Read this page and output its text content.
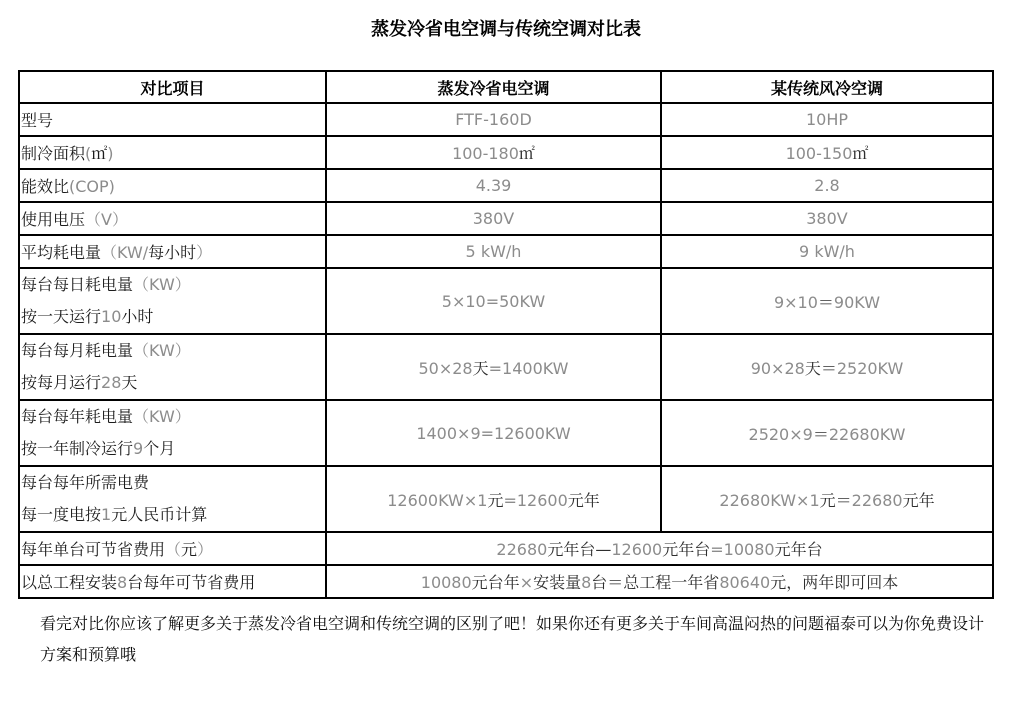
蒸发冷省电空调与传统空调对比表
对比项目	蒸发冷省电空调	某传统风冷空调
型号	FTF-160D	10HP
制冷面积(㎡)	100-180㎡	100-150㎡
能效比(COP)	4.39	2.8
使用电压（V）	380V	380V
平均耗电量（KW/每小时）	5 kW/h	9 kW/h

每台每日耗电量（KW）
按一天运行10小时	5×10=50KW	9×10＝90KW

每台每月耗电量（KW）
按每月运行28天	50×28天=1400KW	90×28天＝2520KW

每台每年耗电量（KW）
按一年制冷运行9个月	1400×9=12600KW	2520×9＝22680KW

每台每年所需电费
每一度电按1元人民币计算	12600KW×1元=12600元年	22680KW×1元＝22680元年
每年单台可节省费用（元）	22680元年台—12600元年台=10080元年台	
以总工程安装8台每年可节省费用	10080元台年×安装量8台＝总工程一年省80640元，两年即可回本	

看完对比你应该了解更多关于蒸发冷省电空调和传统空调的区别了吧！如果你还有更多关于车间高温闷热的问题福泰可以为你免费设计方案和预算哦
